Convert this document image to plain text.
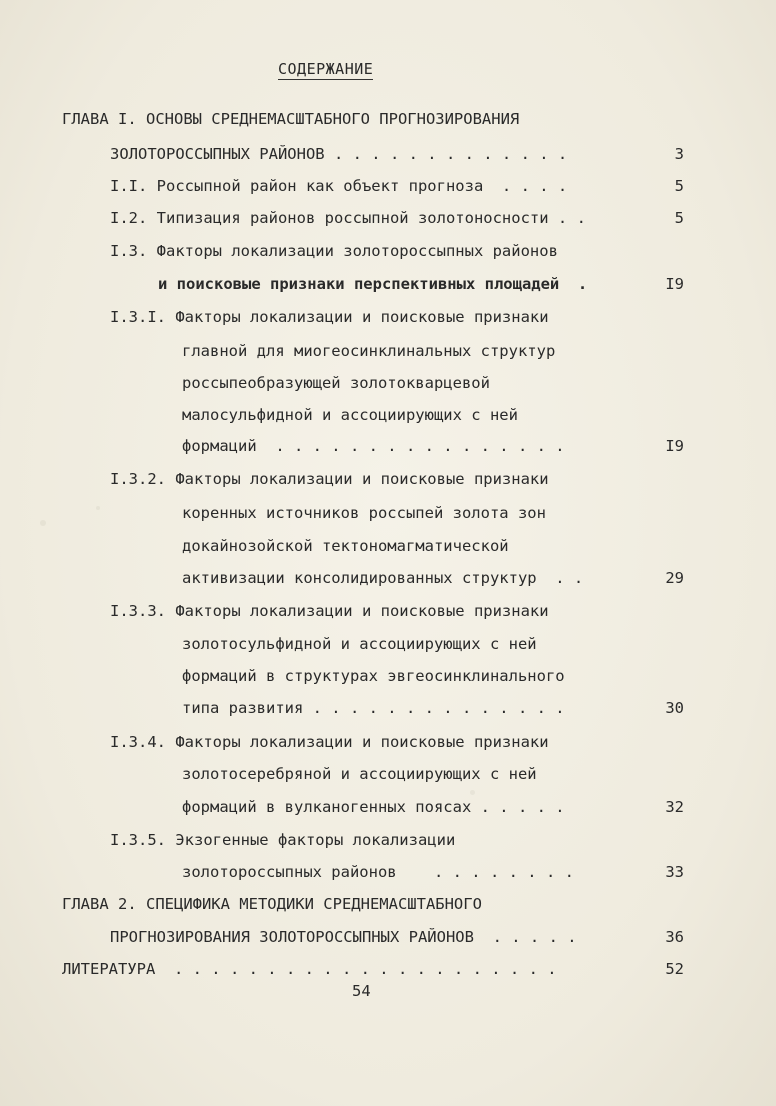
СОДЕРЖАНИЕ
ГЛАВА I. ОСНОВЫ СРЕДНЕМАСШТАБНОГО ПРОГНОЗИРОВАНИЯ
ЗОЛОТОРОССЫПНЫХ РАЙОНОВ . . . . . . . . . . . . .	3
I.I. Россыпной район как объект прогноза  . . . .	5
I.2. Типизация районов россыпной золотоносности . .	5
I.3. Факторы локализации золотороссыпных районов
и поисковые признаки перспективных площадей  .	I9
I.3.I. Факторы локализации и поисковые признаки
главной для миогеосинклинальных структур
россыпеобразующей золотокварцевой
малосульфидной и ассоциирующих с ней
формаций  . . . . . . . . . . . . . . . .	I9
I.3.2. Факторы локализации и поисковые признаки
коренных источников россыпей золота зон
докайнозойской тектономагматической
активизации консолидированных структур  . .	29
I.3.3. Факторы локализации и поисковые признаки
золотосульфидной и ассоциирующих с ней
формаций в структурах эвгеосинклинального
типа развития . . . . . . . . . . . . . .	30
I.3.4. Факторы локализации и поисковые признаки
золотосеребряной и ассоциирующих с ней
формаций в вулканогенных поясах . . . . .	32
I.3.5. Экзогенные факторы локализации
золотороссыпных районов    . . . . . . . .	33
ГЛАВА 2. СПЕЦИФИКА МЕТОДИКИ СРЕДНЕМАСШТАБНОГО
ПРОГНОЗИРОВАНИЯ ЗОЛОТОРОССЫПНЫХ РАЙОНОВ  . . . . .	36
ЛИТЕРАТУРА  . . . . . . . . . . . . . . . . . . . . .	52
54
